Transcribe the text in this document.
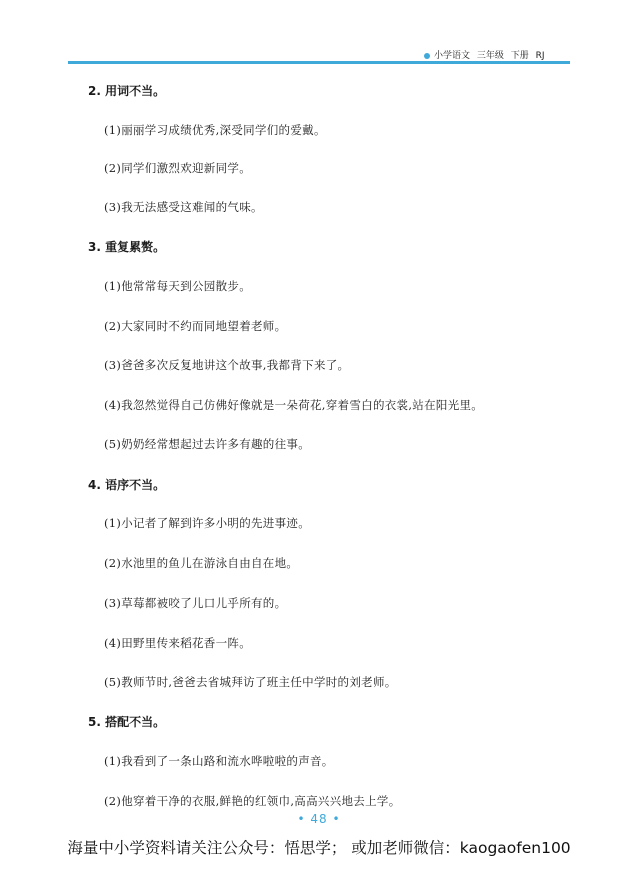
小学语文 三年级 下册 RJ
2. 用词不当。
(1)丽丽学习成绩优秀,深受同学们的爱戴。
(2)同学们激烈欢迎新同学。
(3)我无法感受这难闻的气味。
3. 重复累赘。
(1)他常常每天到公园散步。
(2)大家同时不约而同地望着老师。
(3)爸爸多次反复地讲这个故事,我都背下来了。
(4)我忽然觉得自己仿佛好像就是一朵荷花,穿着雪白的衣裳,站在阳光里。
(5)奶奶经常想起过去许多有趣的往事。
4. 语序不当。
(1)小记者了解到许多小明的先进事迹。
(2)水池里的鱼儿在游泳自由自在地。
(3)草莓都被咬了儿口儿乎所有的。
(4)田野里传来稻花香一阵。
(5)教师节时,爸爸去省城拜访了班主任中学时的刘老师。
5. 搭配不当。
(1)我看到了一条山路和流水哗啦啦的声音。
(2)他穿着干净的衣服,鲜艳的红领巾,高高兴兴地去上学。
• 48 •
海量中小学资料请关注公众号：悟思学； 或加老师微信：kaogaofen100
